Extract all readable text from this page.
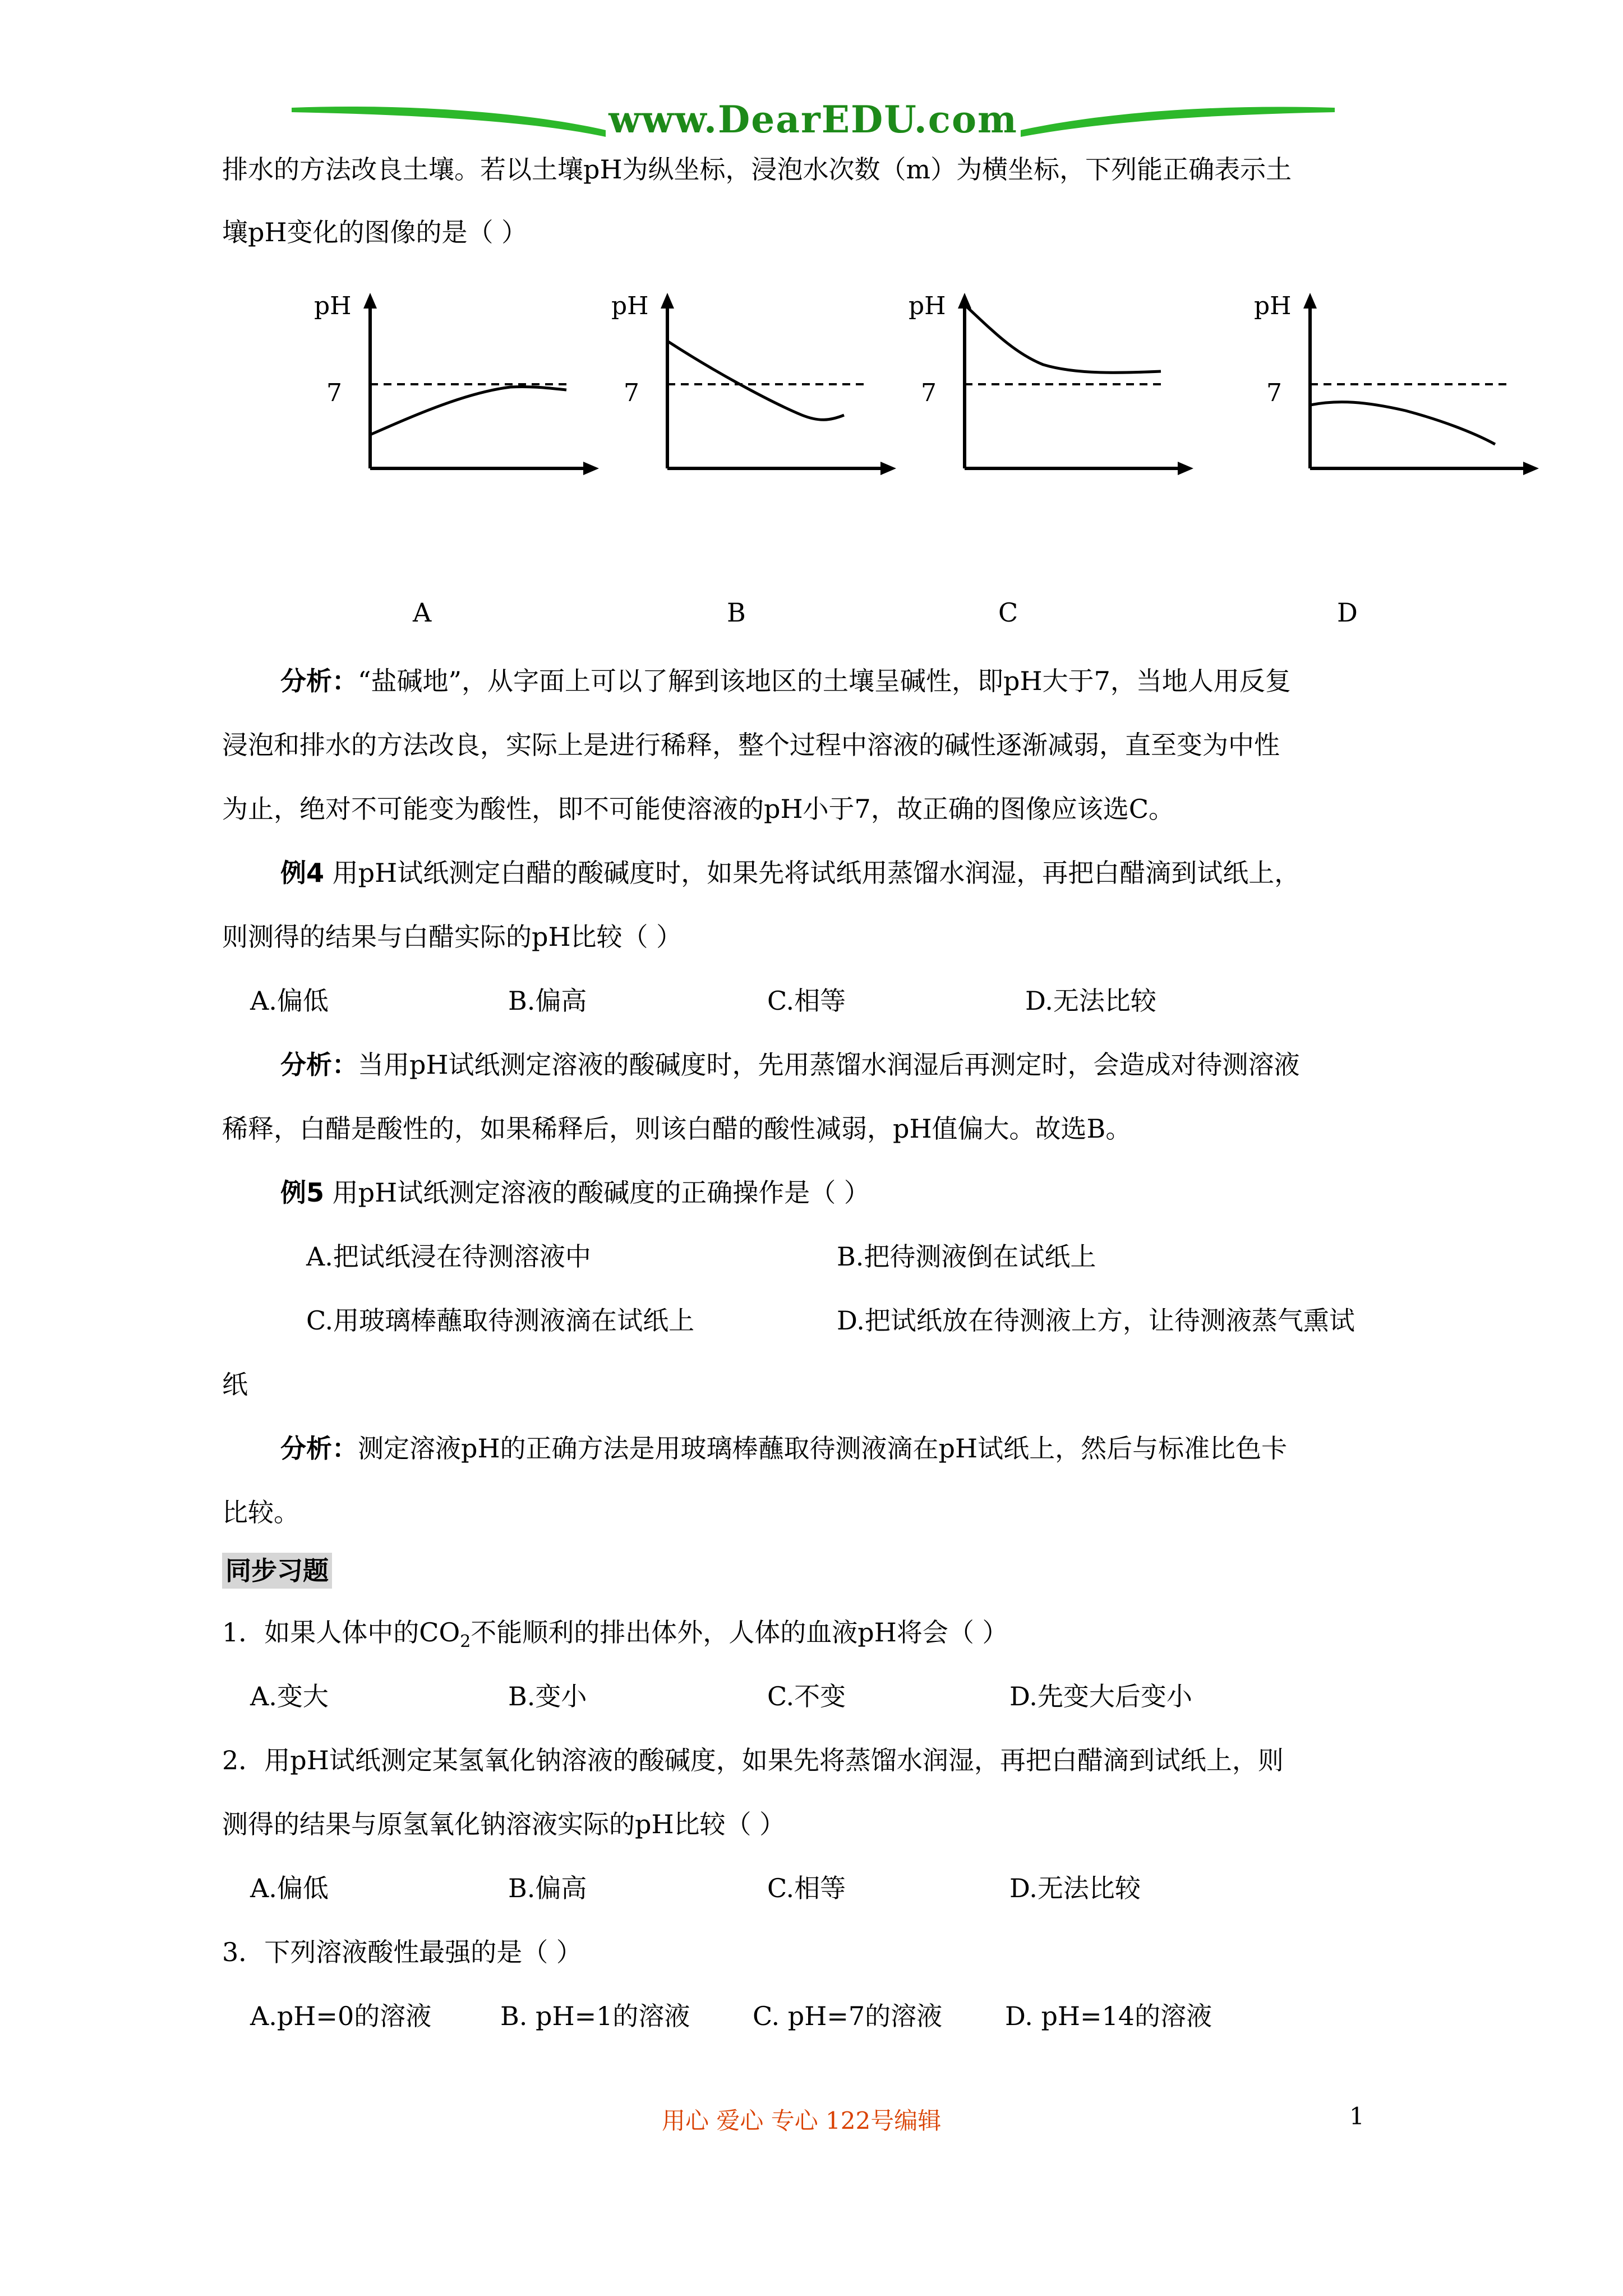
www.DearEDU.com
排水的方法改良土壤。若以土壤pH为纵坐标，浸泡水次数（m）为横坐标，下列能正确表示土
壤pH变化的图像的是（ ）
pH
7
A
pH
7
B
pH
7
C
pH
7
D
分析：“盐碱地”，从字面上可以了解到该地区的土壤呈碱性，即pH大于7，当地人用反复
浸泡和排水的方法改良，实际上是进行稀释，整个过程中溶液的碱性逐渐减弱，直至变为中性
为止，绝对不可能变为酸性，即不可能使溶液的pH小于7，故正确的图像应该选C。
例4 用pH试纸测定白醋的酸碱度时，如果先将试纸用蒸馏水润湿，再把白醋滴到试纸上，
则测得的结果与白醋实际的pH比较（ ）
A.偏低	B.偏高	C.相等	D.无法比较
分析：当用pH试纸测定溶液的酸碱度时，先用蒸馏水润湿后再测定时，会造成对待测溶液
稀释，白醋是酸性的，如果稀释后，则该白醋的酸性减弱，pH值偏大。故选B。
例5 用pH试纸测定溶液的酸碱度的正确操作是（ ）
A.把试纸浸在待测溶液中	B.把待测液倒在试纸上
C.用玻璃棒蘸取待测液滴在试纸上	D.把试纸放在待测液上方，让待测液蒸气熏试
纸
分析：测定溶液pH的正确方法是用玻璃棒蘸取待测液滴在pH试纸上，然后与标准比色卡
比较。
同步习题
1．如果人体中的$CO_2$不能顺利的排出体外，人体的血液pH将会（ ）
A.变大	B.变小	C.不变	D.先变大后变小
2．用pH试纸测定某氢氧化钠溶液的酸碱度，如果先将蒸馏水润湿，再把白醋滴到试纸上，则
测得的结果与原氢氧化钠溶液实际的pH比较（ ）
A.偏低	B.偏高	C.相等	D.无法比较
3．下列溶液酸性最强的是（ ）
A.pH=0的溶液	B. pH=1的溶液 C. pH=7的溶液 D. pH=14的溶液
用心 爱心 专心 122号编辑	1
